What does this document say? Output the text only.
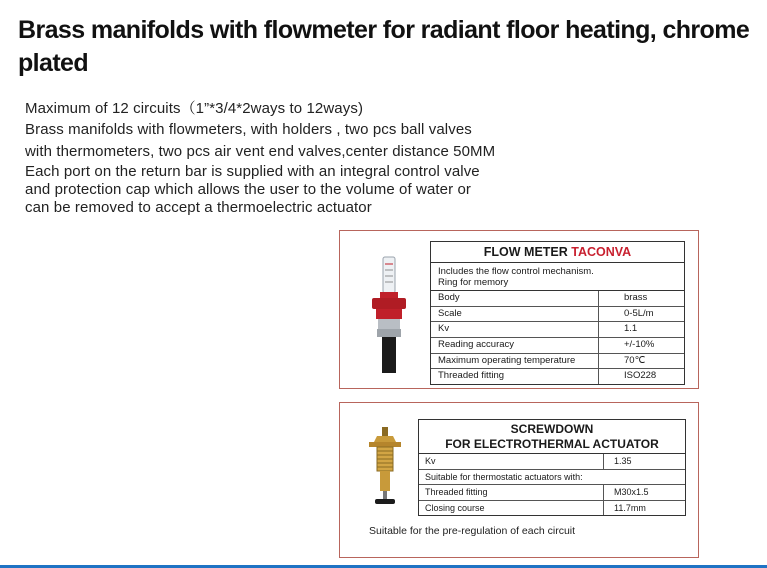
Brass manifolds with flowmeter for radiant floor heating, chrome plated
Maximum of 12 circuits（1”*3/4*2ways to 12ways)
Brass manifolds with flowmeters, with holders , two pcs ball valves
with thermometers, two pcs air vent end valves,center distance 50MM
Each port on the return bar is supplied with an integral control valve
and protection cap which allows the user to the volume of water or
can be removed to accept a thermoelectric actuator
FLOW METER TACONVA
Includes the flow control mechanism.
Ring for memory
Body	brass
Scale	0-5L/m
Kv	1.1
Reading accuracy	+/-10%
Maximum operating temperature	70℃
Threaded fitting	ISO228
SCREWDOWN
FOR ELECTROTHERMAL ACTUATOR
Kv	1.35
Suitable for thermostatic actuators with:
Threaded fitting	M30x1.5
Closing course	11.7mm
Suitable for the pre-regulation of each circuit
